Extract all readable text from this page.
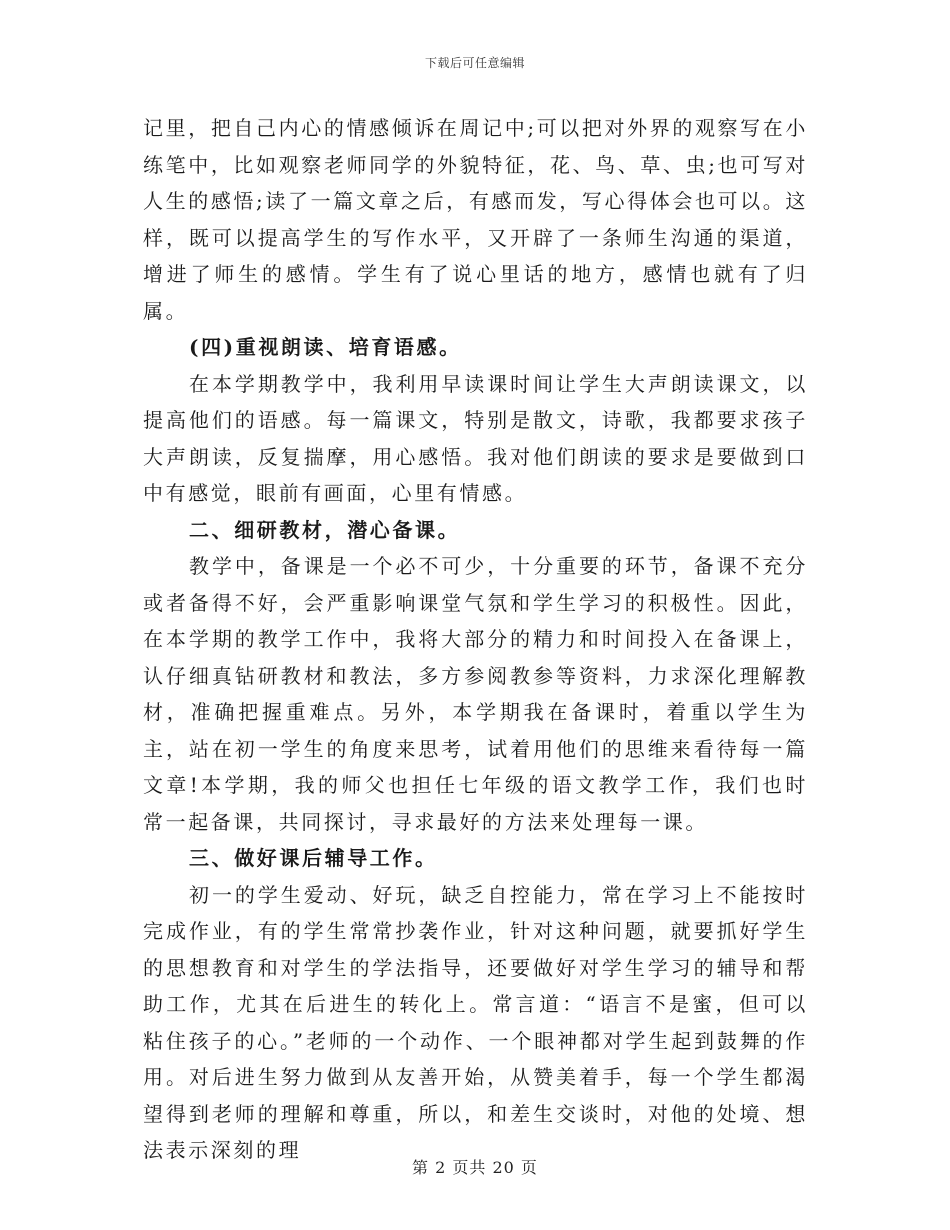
下载后可任意编辑

记里，把自己内心的情感倾诉在周记中;可以把对外界的观察写在小练笔中，比如观察老师同学的外貌特征，花、鸟、草、虫;也可写对人生的感悟;读了一篇文章之后，有感而发，写心得体会也可以。这样，既可以提高学生的写作水平，又开辟了一条师生沟通的渠道，增进了师生的感情。学生有了说心里话的地方，感情也就有了归属。

(四)重视朗读、培育语感。

在本学期教学中，我利用早读课时间让学生大声朗读课文，以提高他们的语感。每一篇课文，特别是散文，诗歌，我都要求孩子大声朗读，反复揣摩，用心感悟。我对他们朗读的要求是要做到口中有感觉，眼前有画面，心里有情感。

二、细研教材，潜心备课。

教学中，备课是一个必不可少，十分重要的环节，备课不充分或者备得不好，会严重影响课堂气氛和学生学习的积极性。因此，在本学期的教学工作中，我将大部分的精力和时间投入在备课上，认仔细真钻研教材和教法，多方参阅教参等资料，力求深化理解教材，准确把握重难点。另外，本学期我在备课时，着重以学生为主，站在初一学生的角度来思考，试着用他们的思维来看待每一篇文章!本学期，我的师父也担任七年级的语文教学工作，我们也时常一起备课，共同探讨，寻求最好的方法来处理每一课。

三、做好课后辅导工作。

初一的学生爱动、好玩，缺乏自控能力，常在学习上不能按时完成作业，有的学生常常抄袭作业，针对这种问题，就要抓好学生的思想教育和对学生的学法指导，还要做好对学生学习的辅导和帮助工作，尤其在后进生的转化上。常言道：“语言不是蜜，但可以粘住孩子的心。”老师的一个动作、一个眼神都对学生起到鼓舞的作用。对后进生努力做到从友善开始，从赞美着手，每一个学生都渴望得到老师的理解和尊重，所以，和差生交谈时，对他的处境、想法表示深刻的理

第 2 页共 20 页
